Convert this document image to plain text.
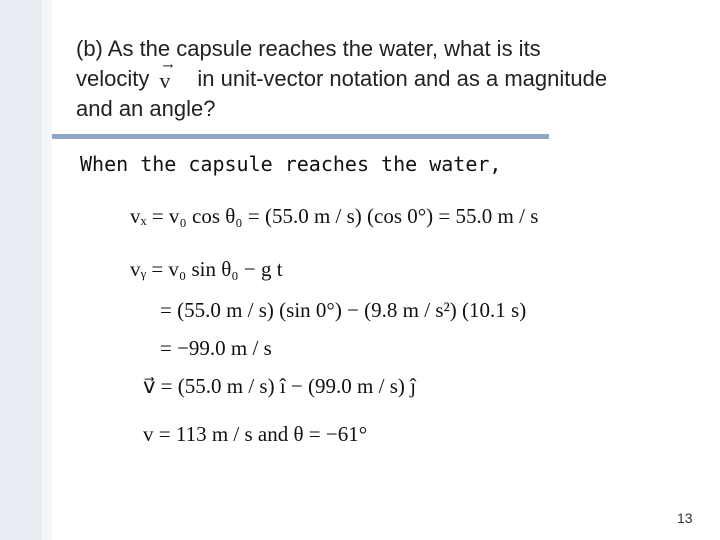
(b) As the capsule reaches the water, what is its
velocity →
v in unit-vector notation and as a magnitude
and an angle?
When the capsule reaches the water,
vₓ = v₀ cos θ₀ = (55.0 m / s) (cos 0°) = 55.0 m / s
vᵧ = v₀ sin θ₀ − g t
= (55.0 m / s) (sin 0°) − (9.8 m / s²) (10.1 s)
= −99.0 m / s
v⃗ = (55.0 m / s) î − (99.0 m / s) ĵ
v = 113 m / s and θ = −61°
13
